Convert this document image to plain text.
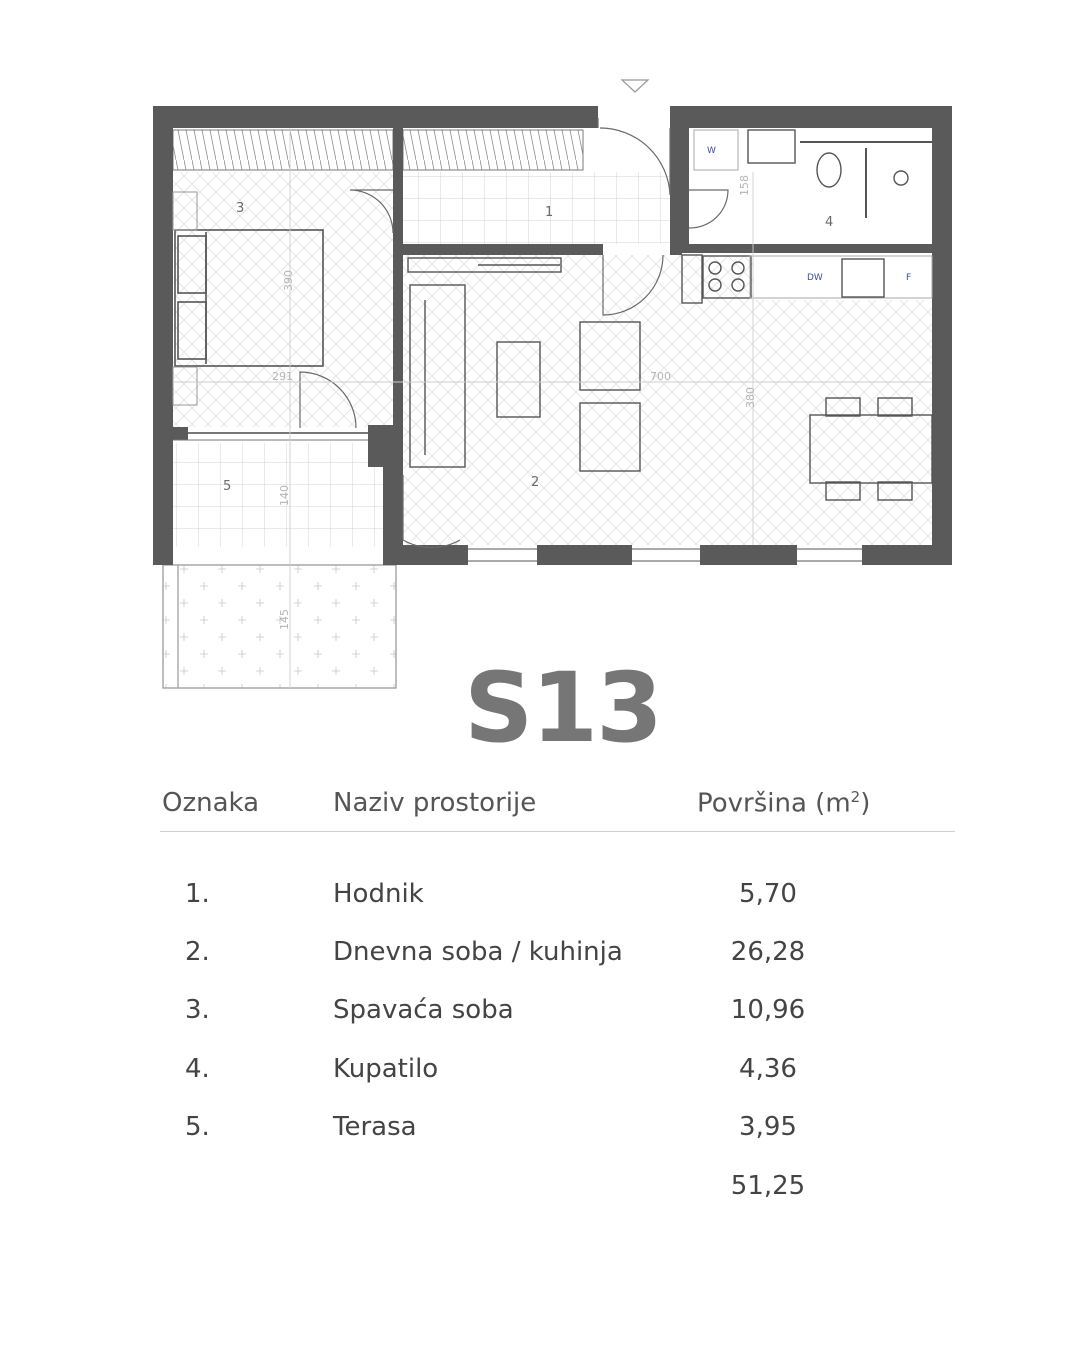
3	1
4
2
5
390
291	700
380
140
145
158
W
DW	F
S13
Oznaka	Naziv prostorije	Površina $(m^2)$
1.	Hodnik	5,70
2.	Dnevna soba / kuhinja	26,28
3.	Spavaća soba	10,96
4.	Kupatilo	4,36
5.	Terasa	3,95
51,25
